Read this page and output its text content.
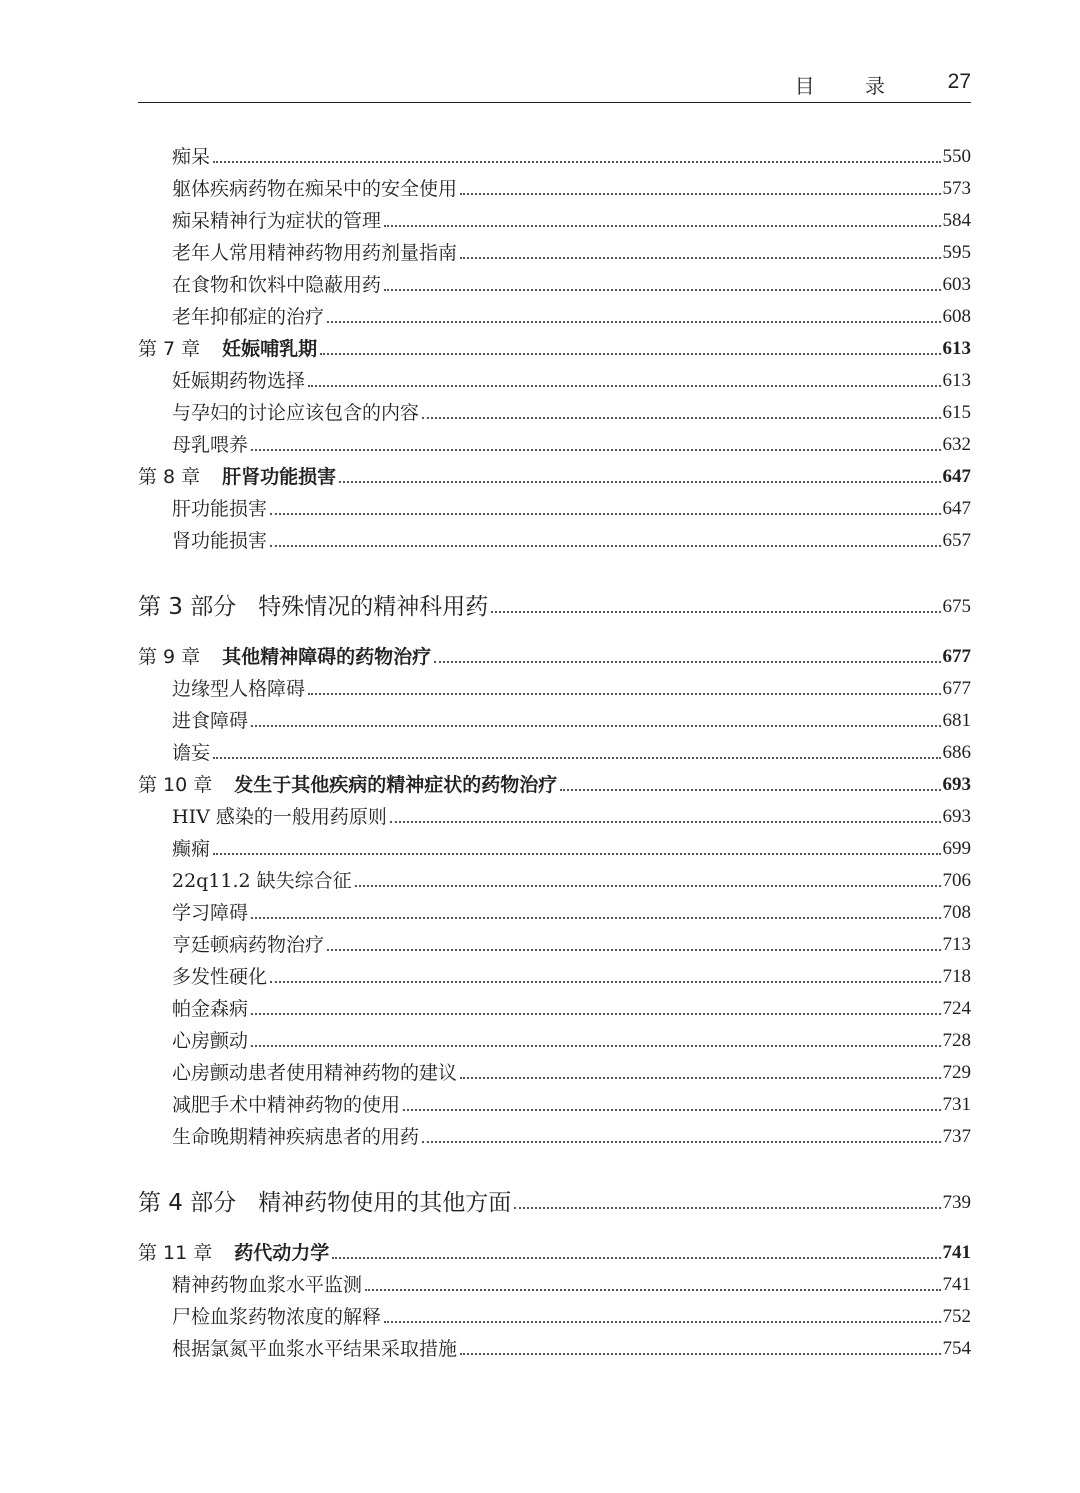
目 录 27
痴呆	550
躯体疾病药物在痴呆中的安全使用	573
痴呆精神行为症状的管理	584
老年人常用精神药物用药剂量指南	595
在食物和饮料中隐蔽用药	603
老年抑郁症的治疗	608
第 7 章 妊娠哺乳期	613
妊娠期药物选择	613
与孕妇的讨论应该包含的内容	615
母乳喂养	632
第 8 章 肝肾功能损害	647
肝功能损害	647
肾功能损害	657
第 3 部分 特殊情况的精神科用药	675
第 9 章 其他精神障碍的药物治疗	677
边缘型人格障碍	677
进食障碍	681
谵妄	686
第 10 章 发生于其他疾病的精神症状的药物治疗	693
HIV 感染的一般用药原则	693
癫痫	699
22q11.2 缺失综合征	706
学习障碍	708
亨廷顿病药物治疗	713
多发性硬化	718
帕金森病	724
心房颤动	728
心房颤动患者使用精神药物的建议	729
减肥手术中精神药物的使用	731
生命晚期精神疾病患者的用药	737
第 4 部分 精神药物使用的其他方面	739
第 11 章 药代动力学	741
精神药物血浆水平监测	741
尸检血浆药物浓度的解释	752
根据氯氮平血浆水平结果采取措施	754
